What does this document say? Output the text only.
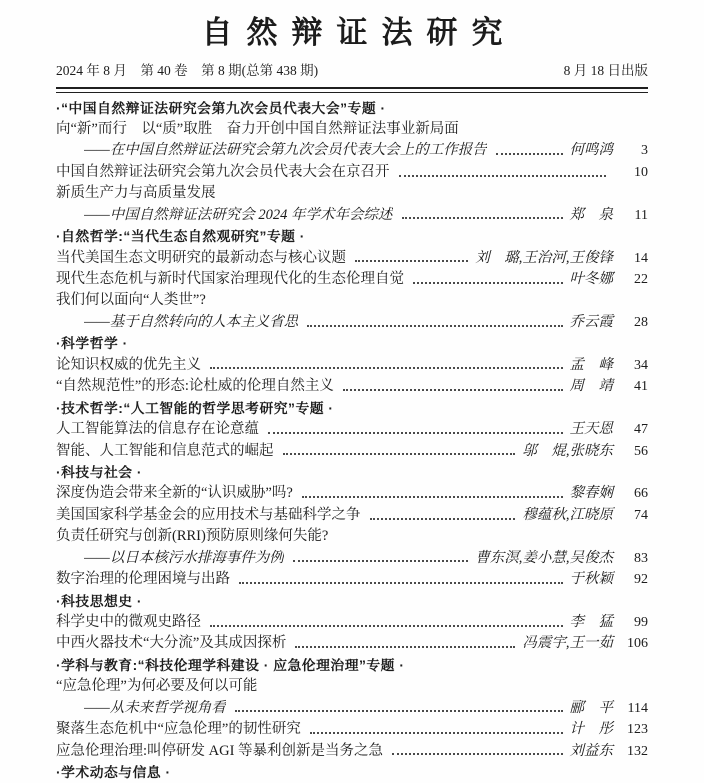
自然辩证法研究
2024 年 8 月　第 40 卷　第 8 期(总第 438 期)	8 月 18 日出版
·“中国自然辩证法研究会第九次会员代表大会”专题 ·
向“新”而行　以“质”取胜　奋力开创中国自然辩证法事业新局面
——在中国自然辩证法研究会第九次会员代表大会上的工作报告	何鸣鸿	3
中国自然辩证法研究会第九次会员代表大会在京召开	10
新质生产力与高质量发展
——中国自然辩证法研究会 2024 年学术年会综述	郑　泉	11
·自然哲学:“当代生态自然观研究”专题 ·
当代美国生态文明研究的最新动态与核心议题	刘　璐,王治河,王俊锋	14
现代生态危机与新时代国家治理现代化的生态伦理自觉	叶冬娜	22
我们何以面向“人类世”?
——基于自然转向的人本主义省思	乔云霞	28
·科学哲学 ·
论知识权威的优先主义	孟　峰	34
“自然规范性”的形态:论杜威的伦理自然主义	周　靖	41
·技术哲学:“人工智能的哲学思考研究”专题 ·
人工智能算法的信息存在论意蕴	王天恩	47
智能、人工智能和信息范式的崛起	邬　焜,张晓东	56
·科技与社会 ·
深度伪造会带来全新的“认识威胁”吗?	黎春娴	66
美国国家科学基金会的应用技术与基础科学之争	穆蕴秋,江晓原	74
负责任研究与创新(RRI)预防原则缘何失能?
——以日本核污水排海事件为例	曹东溟,姜小慧,吴俊杰	83
数字治理的伦理困境与出路	于秋颖	92
·科技思想史 ·
科学史中的微观史路径	李　猛	99
中西火器技术“大分流”及其成因探析	冯震宇,王一茹	106
·学科与教育:“科技伦理学科建设 · 应急伦理治理”专题 ·
“应急伦理”为何必要及何以可能
——从未来哲学视角看	郦　平	114
聚落生态危机中“应急伦理”的韧性研究	计　彤	123
应急伦理治理:叫停研发 AGI 等暴利创新是当务之急	刘益东	132
·学术动态与信息 ·
